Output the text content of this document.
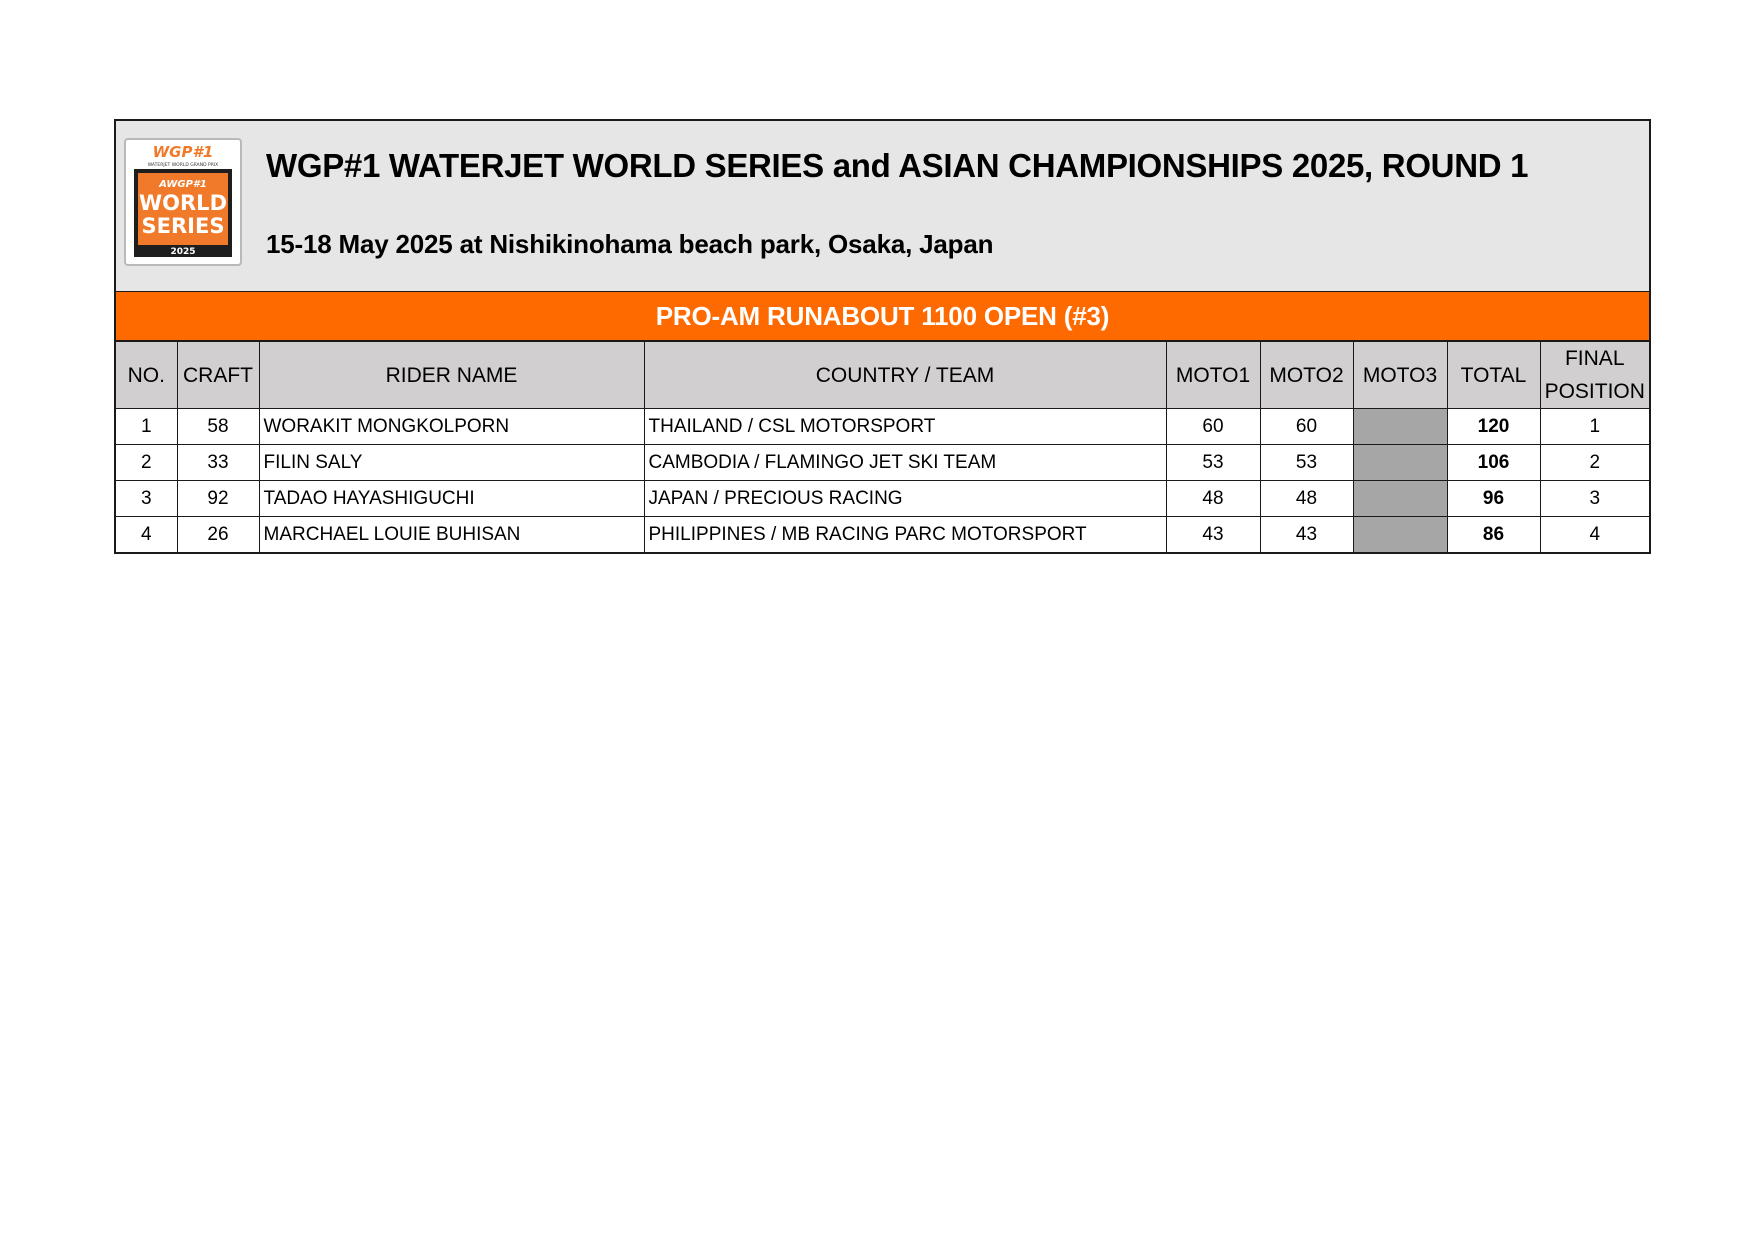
WGP#1
WATERJET WORLD GRAND PRIX
AWGP#1
WORLD
SERIES
2025
WGP#1 WATERJET WORLD SERIES and ASIAN CHAMPIONSHIPS 2025, ROUND 1
15-18 May 2025 at Nishikinohama beach park, Osaka, Japan
PRO-AM RUNABOUT 1100 OPEN (#3)
NO.	CRAFT	RIDER NAME	COUNTRY / TEAM	MOTO1	MOTO2	MOTO3	TOTAL	FINAL
POSITION

1	58	WORAKIT MONGKOLPORN	THAILAND / CSL MOTORSPORT	60	60		120	1
2	33	FILIN SALY	CAMBODIA / FLAMINGO JET SKI TEAM	53	53		106	2
3	92	TADAO HAYASHIGUCHI	JAPAN / PRECIOUS RACING	48	48		96	3
4	26	MARCHAEL LOUIE BUHISAN	PHILIPPINES / MB RACING PARC MOTORSPORT	43	43		86	4
